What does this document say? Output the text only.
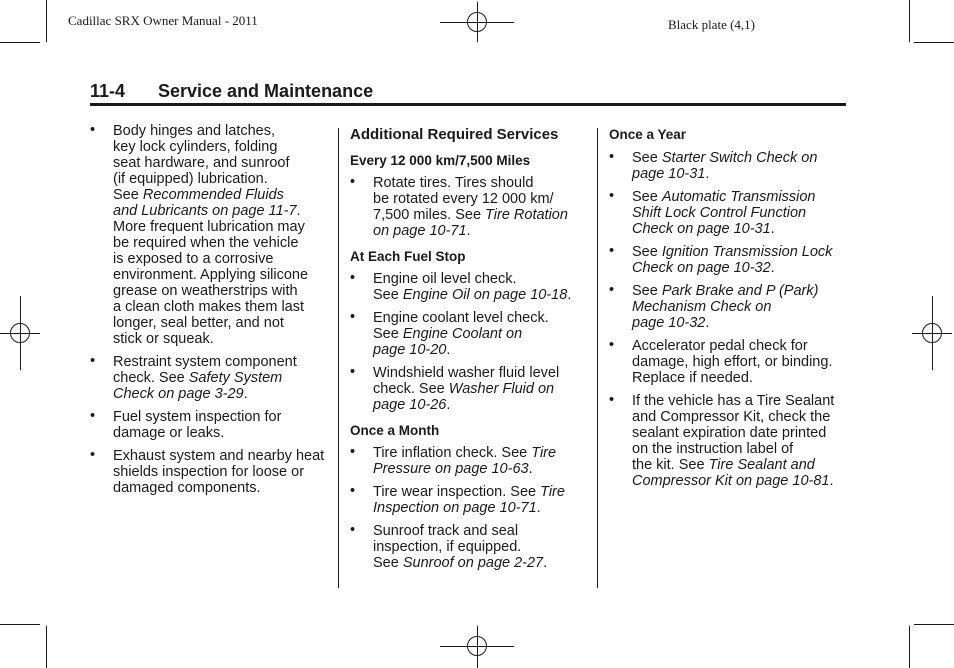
Cadillac SRX Owner Manual - 2011	Black plate (4,1)
11-4 Service and Maintenance
•	Body hinges and latches,
key lock cylinders, folding
seat hardware, and sunroof
(if equipped) lubrication.
See Recommended Fluids
and Lubricants on page 11-7.
More frequent lubrication may
be required when the vehicle
is exposed to a corrosive
environment. Applying silicone
grease on weatherstrips with
a clean cloth makes them last
longer, seal better, and not
stick or squeak.
•	Restraint system component
check. See Safety System
Check on page 3-29.
•	Fuel system inspection for
damage or leaks.
•	Exhaust system and nearby heat
shields inspection for loose or
damaged components.
Additional Required Services
Every 12 000 km/7,500 Miles
•	Rotate tires. Tires should
be rotated every 12 000 km/
7,500 miles. See Tire Rotation
on page 10-71.
At Each Fuel Stop
•	Engine oil level check.
See Engine Oil on page 10-18.
•	Engine coolant level check.
See Engine Coolant on
page 10-20.
•	Windshield washer fluid level
check. See Washer Fluid on
page 10-26.
Once a Month
•	Tire inflation check. See Tire
Pressure on page 10-63.
•	Tire wear inspection. See Tire
Inspection on page 10-71.
•	Sunroof track and seal
inspection, if equipped.
See Sunroof on page 2-27.
Once a Year
•	See Starter Switch Check on
page 10-31.
•	See Automatic Transmission
Shift Lock Control Function
Check on page 10-31.
•	See Ignition Transmission Lock
Check on page 10-32.
•	See Park Brake and P (Park)
Mechanism Check on
page 10-32.
•	Accelerator pedal check for
damage, high effort, or binding.
Replace if needed.
•	If the vehicle has a Tire Sealant
and Compressor Kit, check the
sealant expiration date printed
on the instruction label of
the kit. See Tire Sealant and
Compressor Kit on page 10-81.
